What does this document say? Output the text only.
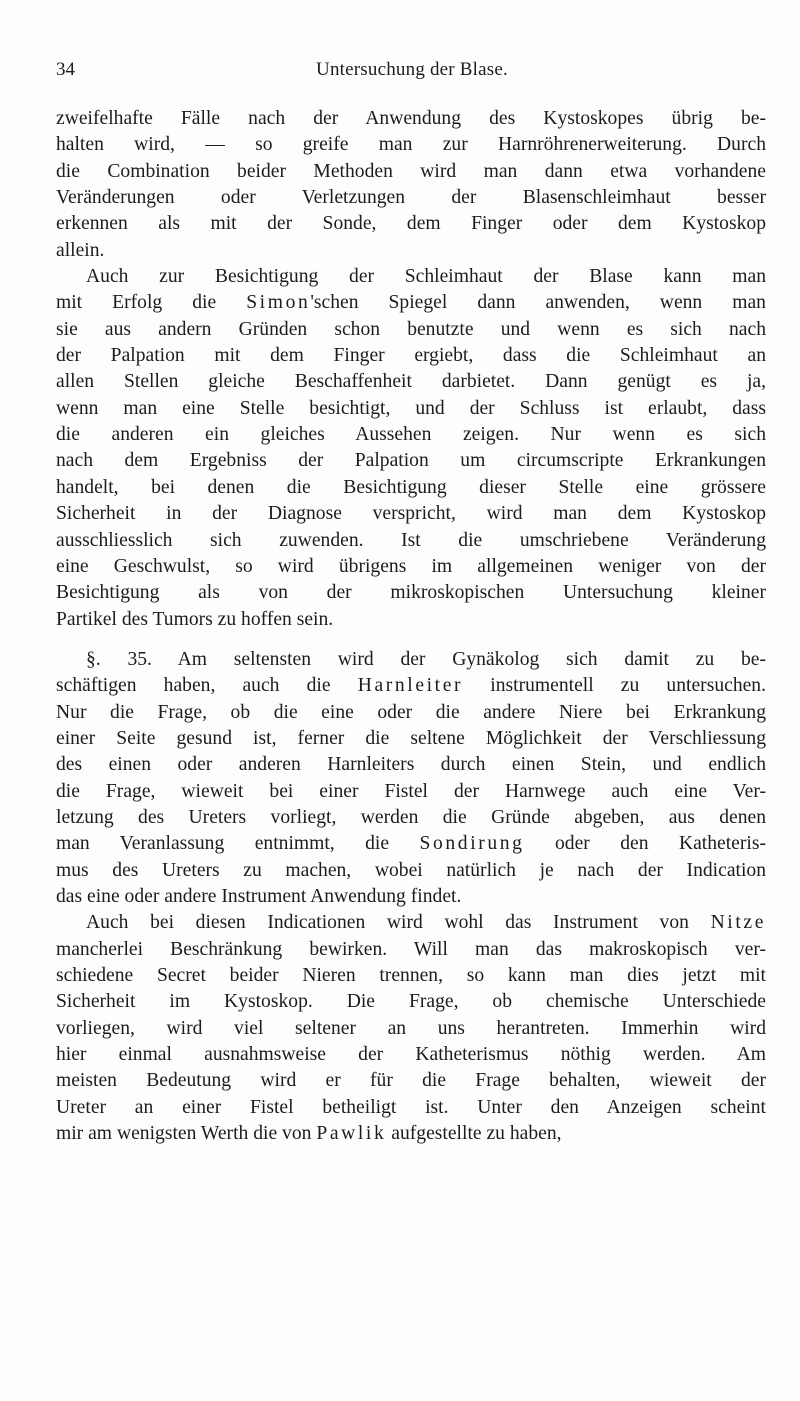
34	Untersuchung der Blase.
zweifelhafte Fälle nach der Anwendung des Kystoskopes übrig be-
halten wird, — so greife man zur Harnröhrenerweiterung. Durch
die Combination beider Methoden wird man dann etwa vorhandene
Veränderungen oder Verletzungen der Blasenschleimhaut besser
erkennen als mit der Sonde, dem Finger oder dem Kystoskop
allein.
Auch zur Besichtigung der Schleimhaut der Blase kann man
mit Erfolg die Simon'schen Spiegel dann anwenden, wenn man
sie aus andern Gründen schon benutzte und wenn es sich nach
der Palpation mit dem Finger ergiebt, dass die Schleimhaut an
allen Stellen gleiche Beschaffenheit darbietet. Dann genügt es ja,
wenn man eine Stelle besichtigt, und der Schluss ist erlaubt, dass
die anderen ein gleiches Aussehen zeigen. Nur wenn es sich
nach dem Ergebniss der Palpation um circumscripte Erkrankungen
handelt, bei denen die Besichtigung dieser Stelle eine grössere
Sicherheit in der Diagnose verspricht, wird man dem Kystoskop
ausschliesslich sich zuwenden. Ist die umschriebene Veränderung
eine Geschwulst, so wird übrigens im allgemeinen weniger von der
Besichtigung als von der mikroskopischen Untersuchung kleiner
Partikel des Tumors zu hoffen sein.
§. 35. Am seltensten wird der Gynäkolog sich damit zu be-
schäftigen haben, auch die Harnleiter instrumentell zu untersuchen.
Nur die Frage, ob die eine oder die andere Niere bei Erkrankung
einer Seite gesund ist, ferner die seltene Möglichkeit der Verschliessung
des einen oder anderen Harnleiters durch einen Stein, und endlich
die Frage, wieweit bei einer Fistel der Harnwege auch eine Ver-
letzung des Ureters vorliegt, werden die Gründe abgeben, aus denen
man Veranlassung entnimmt, die Sondirung oder den Katheteris-
mus des Ureters zu machen, wobei natürlich je nach der Indication
das eine oder andere Instrument Anwendung findet.
Auch bei diesen Indicationen wird wohl das Instrument von Nitze
mancherlei Beschränkung bewirken. Will man das makroskopisch ver-
schiedene Secret beider Nieren trennen, so kann man dies jetzt mit
Sicherheit im Kystoskop. Die Frage, ob chemische Unterschiede
vorliegen, wird viel seltener an uns herantreten. Immerhin wird
hier einmal ausnahmsweise der Katheterismus nöthig werden. Am
meisten Bedeutung wird er für die Frage behalten, wieweit der
Ureter an einer Fistel betheiligt ist. Unter den Anzeigen scheint
mir am wenigsten Werth die von Pawlik aufgestellte zu haben,
